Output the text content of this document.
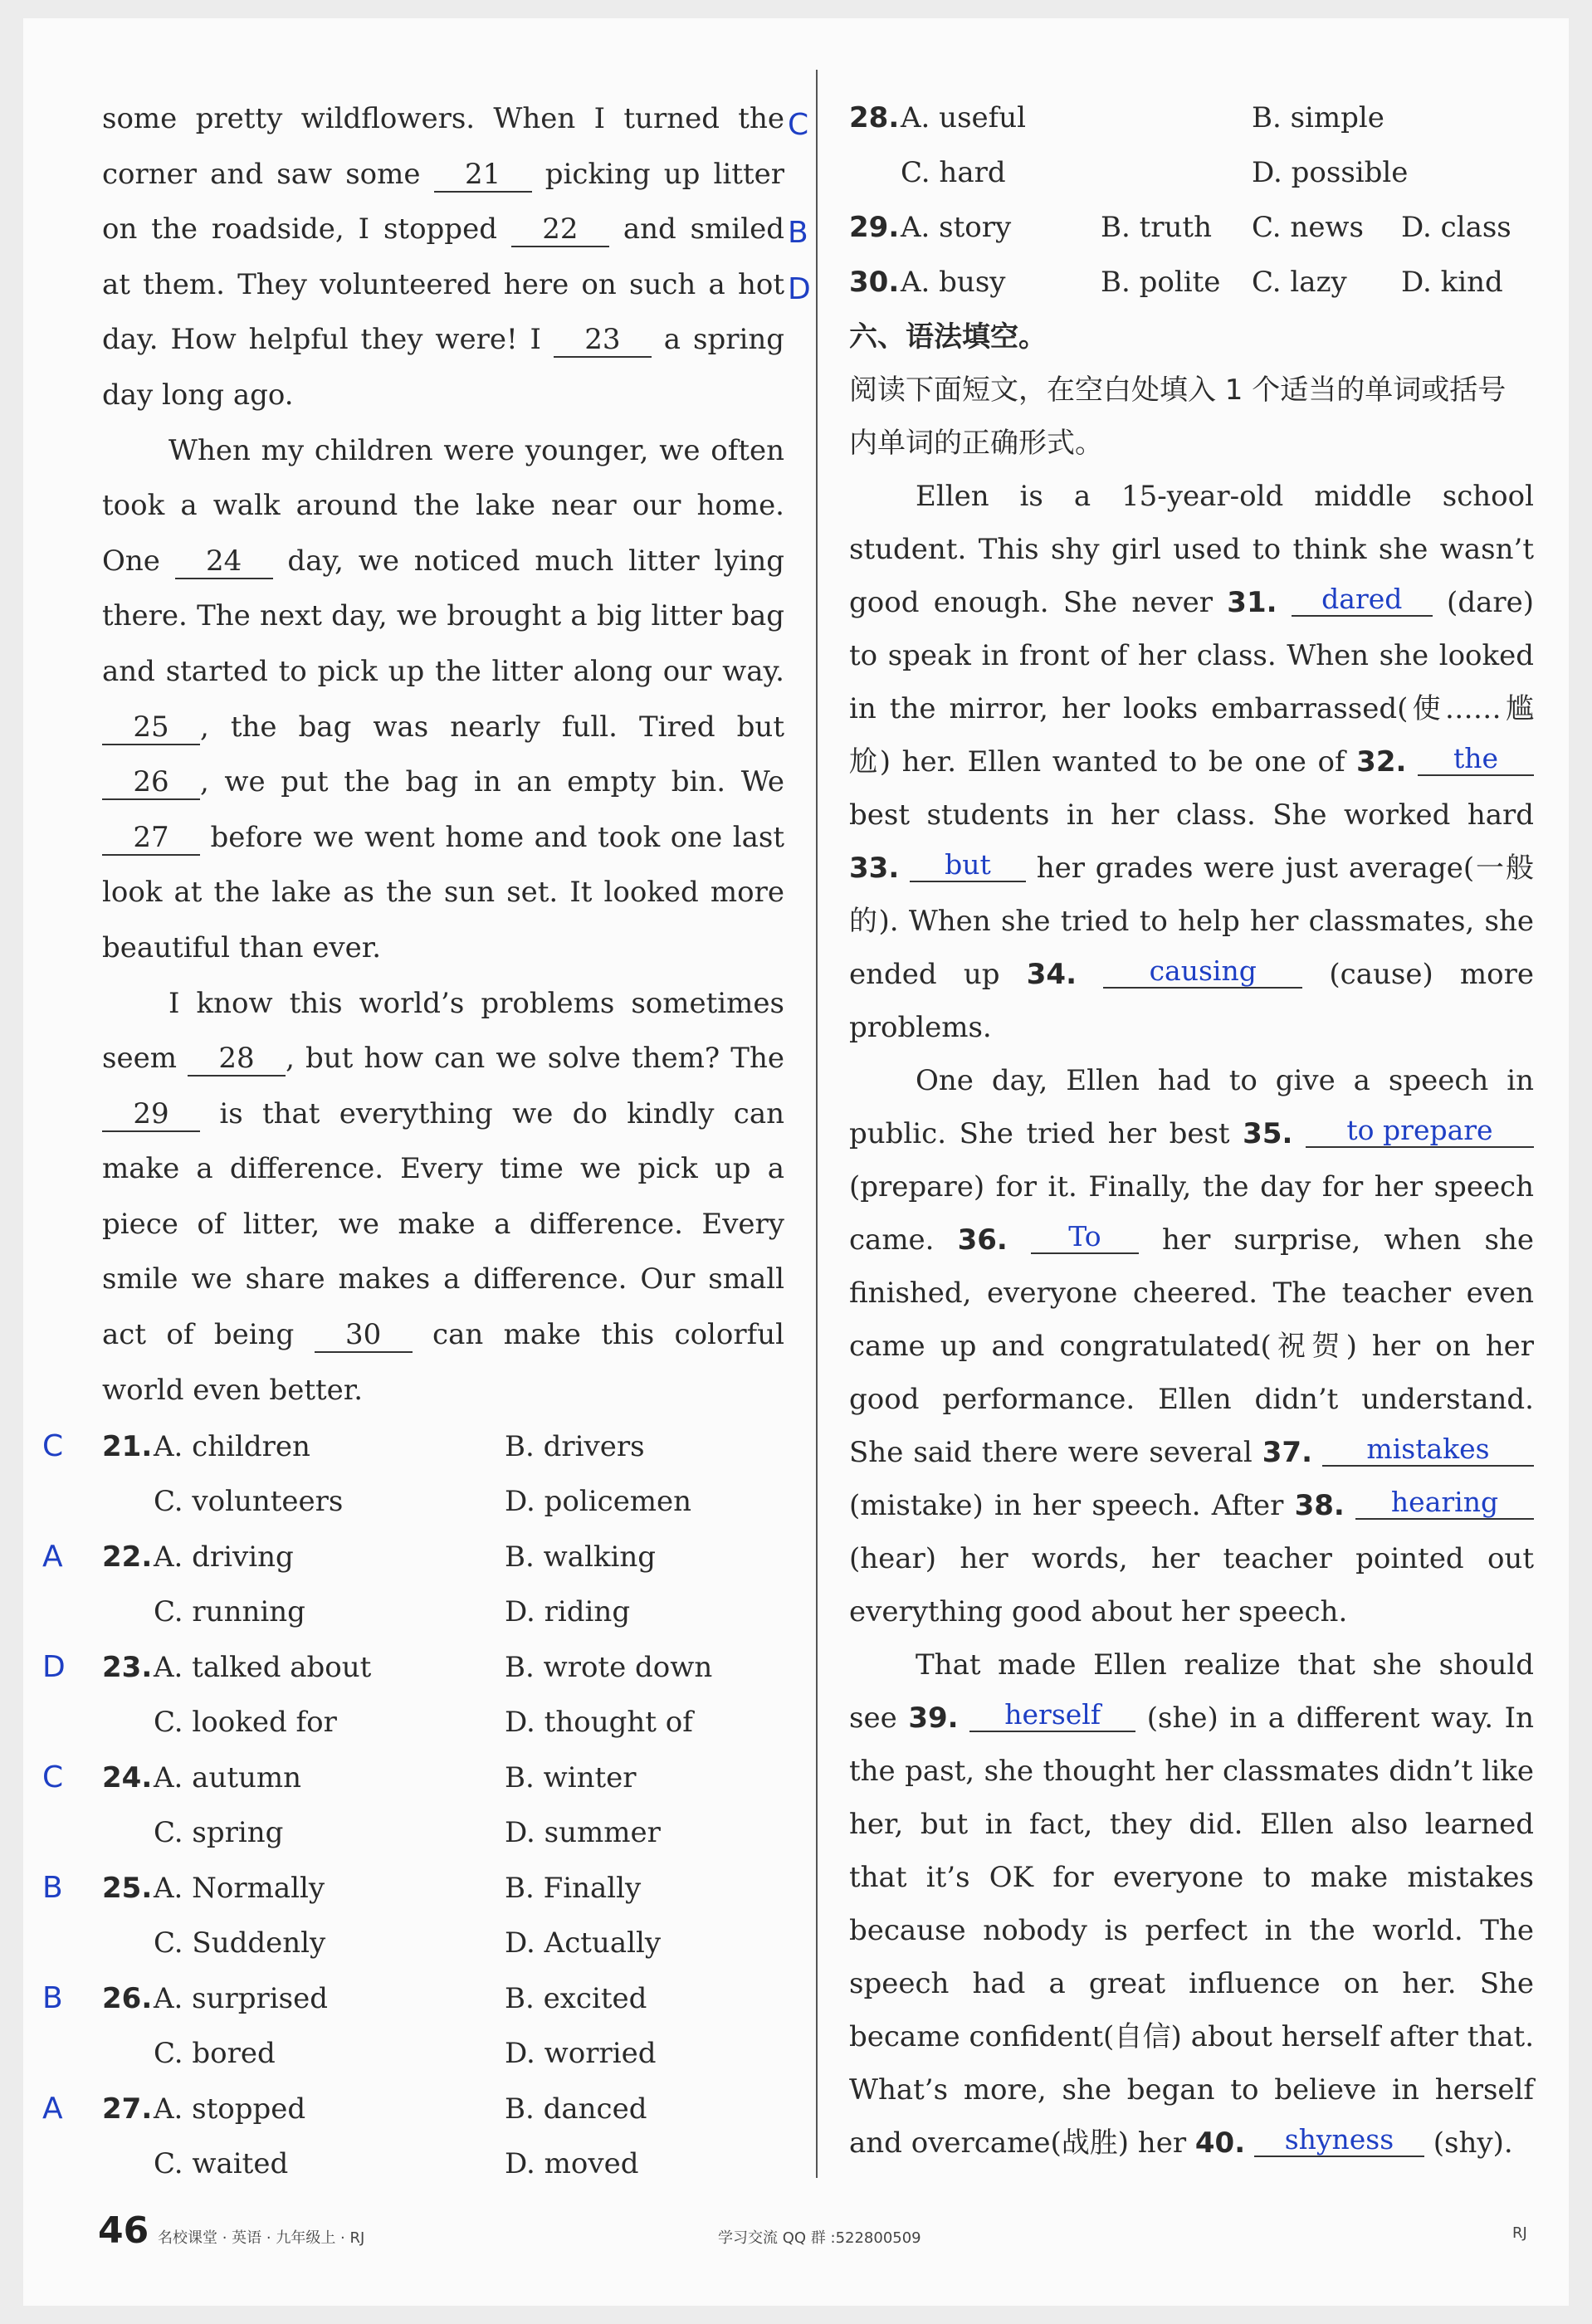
some pretty wildflowers. When I turned the corner and saw some 21 picking up litter on the roadside, I stopped 22 and smiled at them. They volunteered here on such a hot day. How helpful they were! I 23 a spring day long ago.

When my children were younger, we often took a walk around the lake near our home. One 24 day, we noticed much litter lying there. The next day, we brought a big litter bag and started to pick up the litter along our way. 25 , the bag was nearly full. Tired but 26 , we put the bag in an empty bin. We 27 before we went home and took one last look at the lake as the sun set. It looked more beautiful than ever.

I know this world’s problems sometimes seem 28 , but how can we solve them? The 29 is that everything we do kindly can make a difference. Every time we pick up a piece of litter, we make a difference. Every smile we share makes a difference. Our small act of being 30 can make this colorful world even better.

C
B
D
C 21. A. children	B. drivers
C. volunteers	D. policemen
A 22. A. driving	B. walking
C. running	D. riding
D 23. A. talked about	B. wrote down
C. looked for	D. thought of
C 24. A. autumn	B. winter
C. spring	D. summer
B 25. A. Normally	B. Finally
C. Suddenly	D. Actually
B 26. A. surprised	B. excited
C. bored	D. worried
A 27. A. stopped	B. danced
C. waited	D. moved
28. A. useful	B. simple
C. hard	D. possible
29. A. story	B. truth C. news D. class
30. A. busy	B. polite C. lazy D. kind

六、语法填空。

阅读下面短文，在空白处填入 1 个适当的单词或括号内单词的正确形式。

Ellen is a 15-year-old middle school student. This shy girl used to think she wasn’t good enough. She never 31. dared (dare) to speak in front of her class. When she looked in the mirror, her looks embarrassed(使……尴尬) her. Ellen wanted to be one of 32. the best students in her class. She worked hard 33. but her grades were just average(一般的). When she tried to help her classmates, she ended up 34.	causing (cause) more problems.

One day, Ellen had to give a speech in public. She tried her best 35. to prepare (prepare) for it. Finally, the day for her speech came. 36. To her surprise, when she finished, everyone cheered. The teacher even came up and congratulated(祝贺) her on her good performance. Ellen didn’t understand. She said there were several 37. mistakes (mistake) in her speech. After 38. hearing (hear) her words, her teacher pointed out everything good about her speech.

That made Ellen realize that she should see 39. herself (she) in a different way. In the past, she thought her classmates didn’t like her, but in fact, they did. Ellen also learned that it’s OK for everyone to make mistakes because nobody is perfect in the world. The speech had a great influence on her. She became confident(自信) about herself after that. What’s more, she began to believe in herself and overcame(战胜) her 40. shyness (shy).

46 名校课堂 · 英语 · 九年级上 · RJ	学习交流 QQ 群 :522800509	RJ
